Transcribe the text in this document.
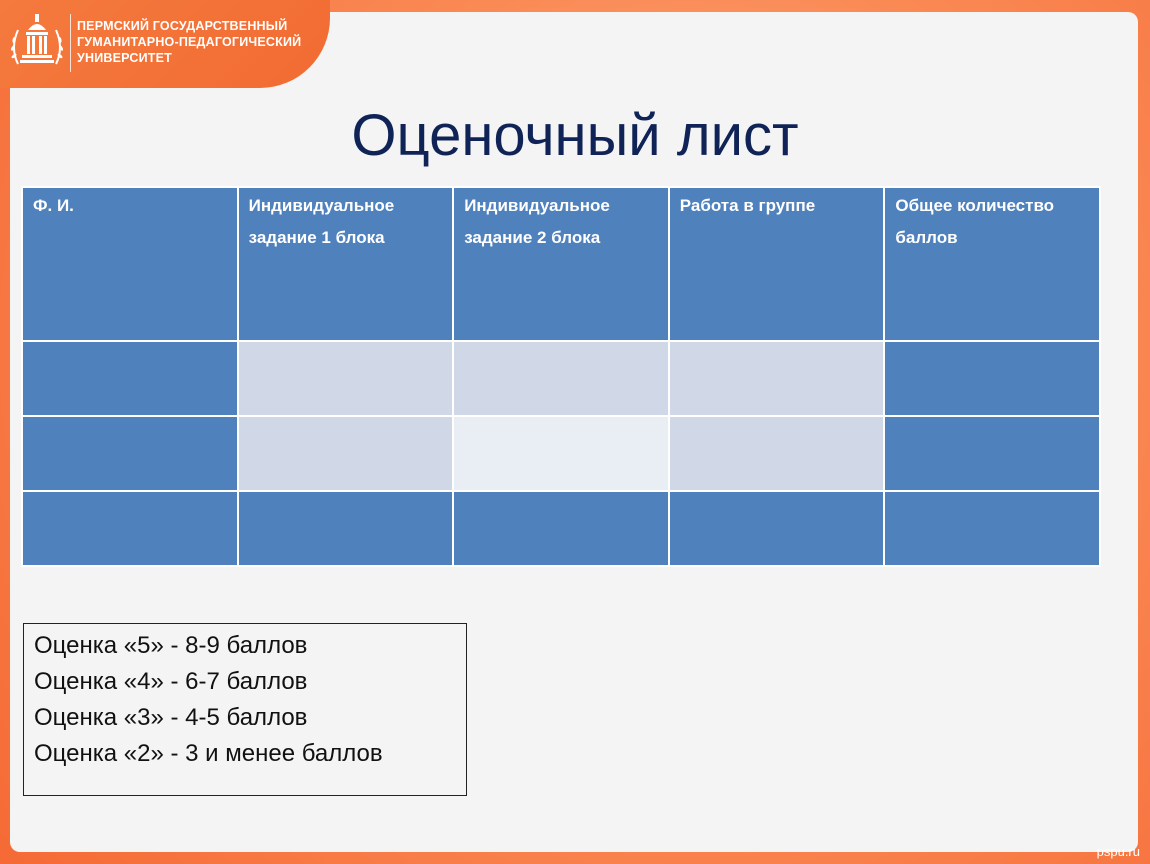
ПЕРМСКИЙ ГОСУДАРСТВЕННЫЙ
ГУМАНИТАРНО-ПЕДАГОГИЧЕСКИЙ
УНИВЕРСИТЕТ
Оценочный лист
Ф. И.	Индивидуальное задание 1 блока	Индивидуальное задание 2 блока	Работа в группе	Общее количество баллов

Оценка «5» - 8-9 баллов
Оценка «4» - 6-7 баллов
Оценка «3» - 4-5 баллов
Оценка «2» - 3 и менее баллов
pspu.ru
